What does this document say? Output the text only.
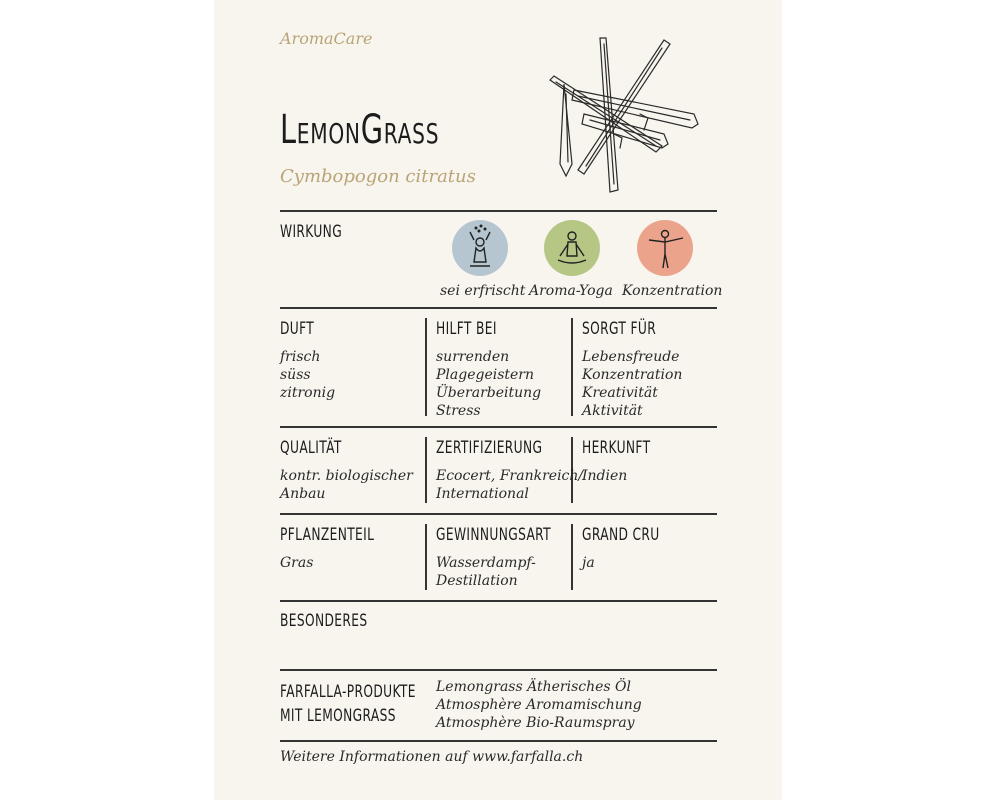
AromaCare
LemonGrass
Cymbopogon citratus
WIRKUNG
sei erfrischt Aroma-Yoga Konzentration
DUFT
frisch
süss
zitronig
HILFT BEI
surrenden
Plagegeistern
Überarbeitung
Stress
SORGT FÜR
Lebensfreude
Konzentration
Kreativität
Aktivität
QUALITÄT
kontr. biologischer
Anbau
ZERTIFIZIERUNG
Ecocert, Frankreich/
International
HERKUNFT
Indien
PFLANZENTEIL
Gras
GEWINNUNGSART
Wasserdampf-
Destillation
GRAND CRU
ja
BESONDERES
FARFALLA-PRODUKTE
MIT LEMONGRASS
Lemongrass Ätherisches Öl
Atmosphère Aromamischung
Atmosphère Bio-Raumspray
Weitere Informationen auf www.farfalla.ch
